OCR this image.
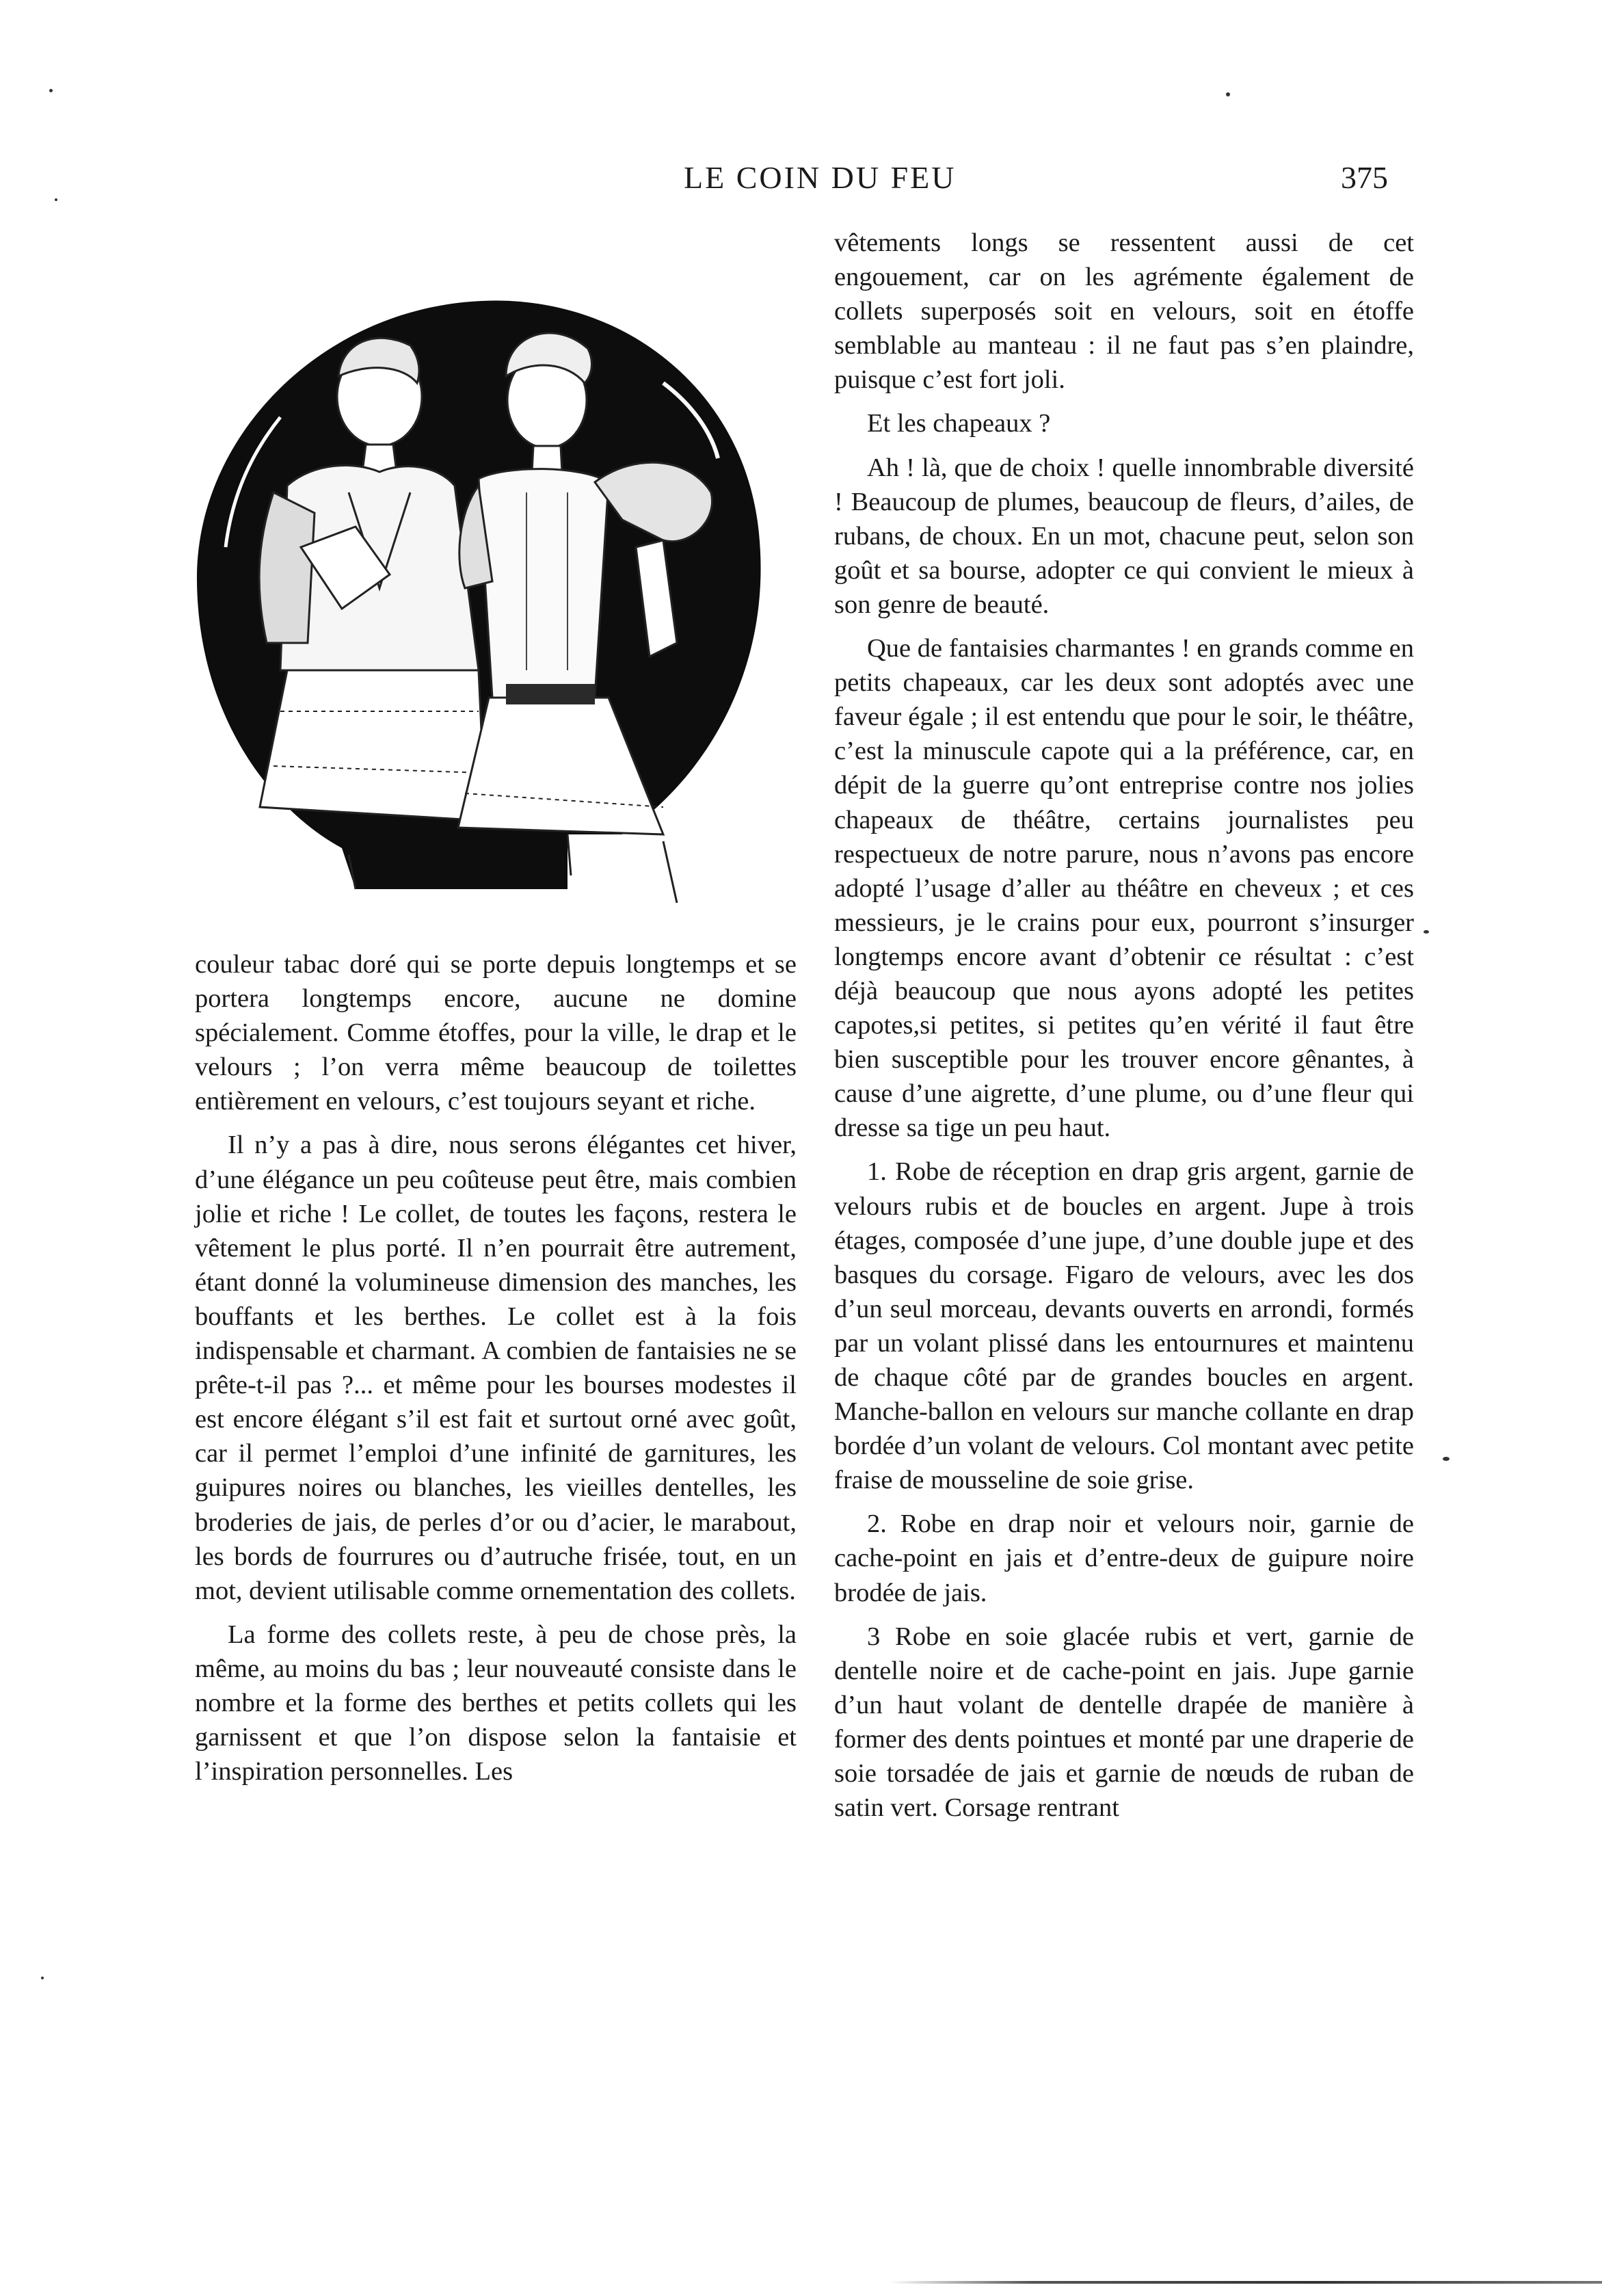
LE COIN DU FEU	375

vêtements longs se ressentent aussi de cet engouement, car on les agrémente également de collets superposés soit en velours, soit en étoffe semblable au manteau : il ne faut pas s’en plaindre, puisque c’est fort joli.

Et les chapeaux ?

Ah ! là, que de choix ! quelle innombrable diversité ! Beaucoup de plumes, beaucoup de fleurs, d’ailes, de rubans, de choux. En un mot, chacune peut, selon son goût et sa bourse, adopter ce qui convient le mieux à son genre de beauté.

Que de fantaisies charmantes ! en grands comme en petits chapeaux, car les deux sont adoptés avec une faveur égale ; il est entendu que pour le soir, le théâtre, c’est la minuscule capote qui a la préférence, car, en dépit de la guerre qu’ont entreprise contre nos jolies chapeaux de théâtre, certains journalistes peu respectueux de notre parure, nous n’avons pas encore adopté l’usage d’aller au théâtre en cheveux ; et ces messieurs, je le crains pour eux, pourront s’insurger longtemps encore avant d’obtenir ce résultat : c’est déjà beaucoup que nous ayons adopté les petites capotes,si petites, si petites qu’en vérité il faut être bien susceptible pour les trouver encore gênantes, à cause d’une aigrette, d’une plume, ou d’une fleur qui dresse sa tige un peu haut.

1. Robe de réception en drap gris argent, garnie de velours rubis et de boucles en argent. Jupe à trois étages, composée d’une jupe, d’une double jupe et des basques du corsage. Figaro de velours, avec les dos d’un seul morceau, devants ouverts en arrondi, formés par un volant plissé dans les entournures et maintenu de chaque côté par de grandes boucles en argent. Manche-ballon en velours sur manche collante en drap bordée d’un volant de velours. Col montant avec petite fraise de mousseline de soie grise.

2. Robe en drap noir et velours noir, garnie de cache-point en jais et d’entre-deux de guipure noire brodée de jais.

3 Robe en soie glacée rubis et vert, garnie de dentelle noire et de cache-point en jais. Jupe garnie d’un haut volant de dentelle drapée de manière à former des dents pointues et monté par une draperie de soie torsadée de jais et garnie de nœuds de ruban de satin vert. Corsage rentrant

couleur tabac doré qui se porte depuis longtemps et se portera longtemps encore, aucune ne domine spécialement. Comme étoffes, pour la ville, le drap et le velours ; l’on verra même beaucoup de toilettes entièrement en velours, c’est toujours seyant et riche.

Il n’y a pas à dire, nous serons élégantes cet hiver, d’une élégance un peu coûteuse peut être, mais combien jolie et riche ! Le collet, de toutes les façons, restera le vêtement le plus porté. Il n’en pourrait être autrement, étant donné la volumineuse dimension des manches, les bouffants et les berthes. Le collet est à la fois indispensable et charmant. A combien de fantaisies ne se prête-t-il pas ?... et même pour les bourses modestes il est encore élégant s’il est fait et surtout orné avec goût, car il permet l’emploi d’une infinité de garnitures, les guipures noires ou blanches, les vieilles dentelles, les broderies de jais, de perles d’or ou d’acier, le marabout, les bords de fourrures ou d’autruche frisée, tout, en un mot, devient utilisable comme ornementation des collets.

La forme des collets reste, à peu de chose près, la même, au moins du bas ; leur nouveauté consiste dans le nombre et la forme des berthes et petits collets qui les garnissent et que l’on dispose selon la fantaisie et l’inspiration personnelles. Les
